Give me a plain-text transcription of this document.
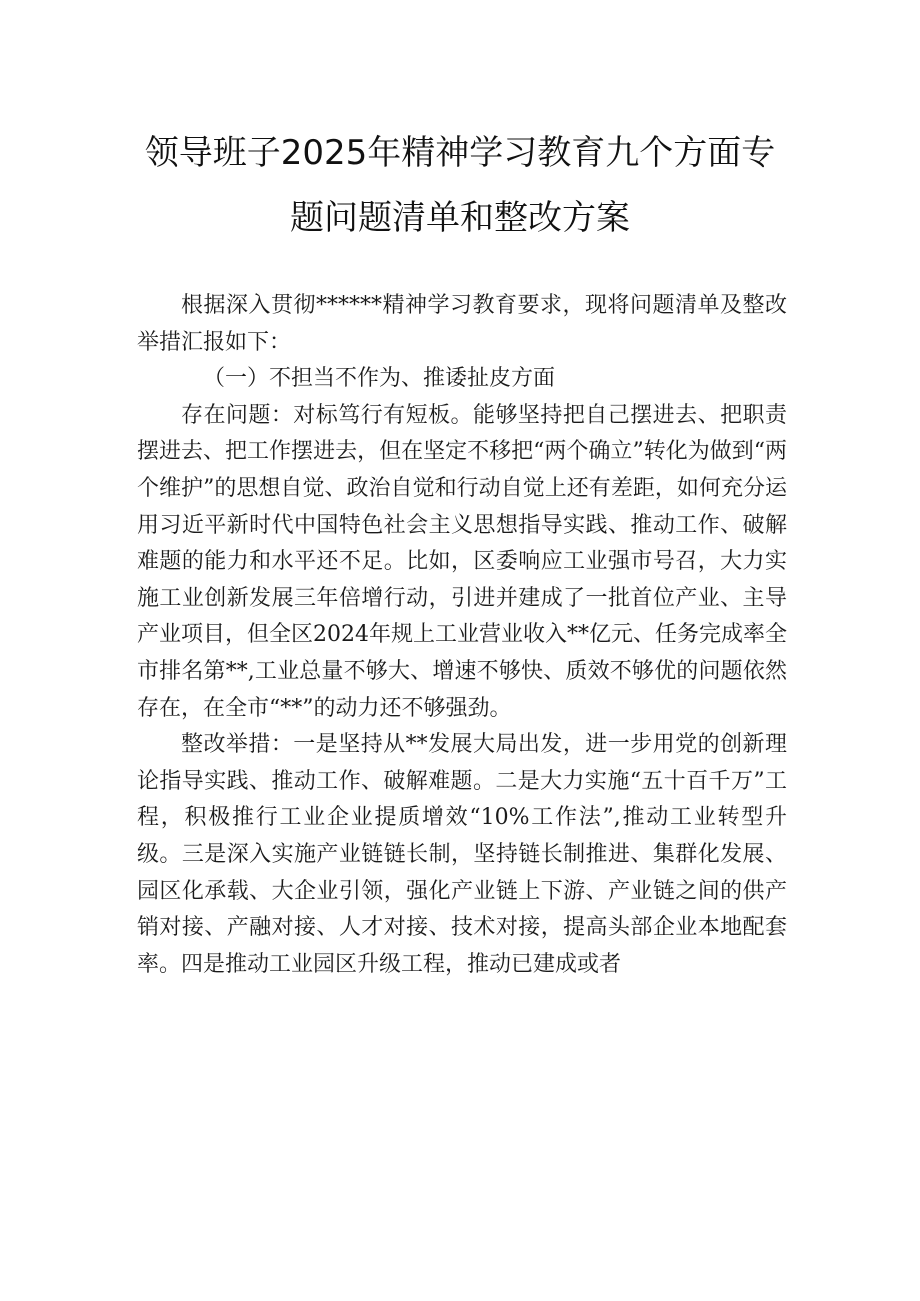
领导班子2025年精神学习教育九个方面专
题问题清单和整改方案

根据深入贯彻******精神学习教育要求，现将问题清单及整改举措汇报如下：

（一）不担当不作为、推诿扯皮方面

存在问题：对标笃行有短板。能够坚持把自己摆进去、把职责摆进去、把工作摆进去，但在坚定不移把“两个确立”转化为做到“两个维护”的思想自觉、政治自觉和行动自觉上还有差距，如何充分运用习近平新时代中国特色社会主义思想指导实践、推动工作、破解难题的能力和水平还不足。比如，区委响应工业强市号召，大力实施工业创新发展三年倍增行动，引进并建成了一批首位产业、主导产业项目，但全区2024年规上工业营业收入**亿元、任务完成率全市排名第**,工业总量不够大、增速不够快、质效不够优的问题依然存在，在全市“**”的动力还不够强劲。

整改举措：一是坚持从**发展大局出发，进一步用党的创新理论指导实践、推动工作、破解难题。二是大力实施“五十百千万”工程，积极推行工业企业提质增效“10%工作法”,推动工业转型升级。三是深入实施产业链链长制，坚持链长制推进、集群化发展、园区化承载、大企业引领，强化产业链上下游、产业链之间的供产销对接、产融对接、人才对接、技术对接，提高头部企业本地配套率。四是推动工业园区升级工程，推动已建成或者
